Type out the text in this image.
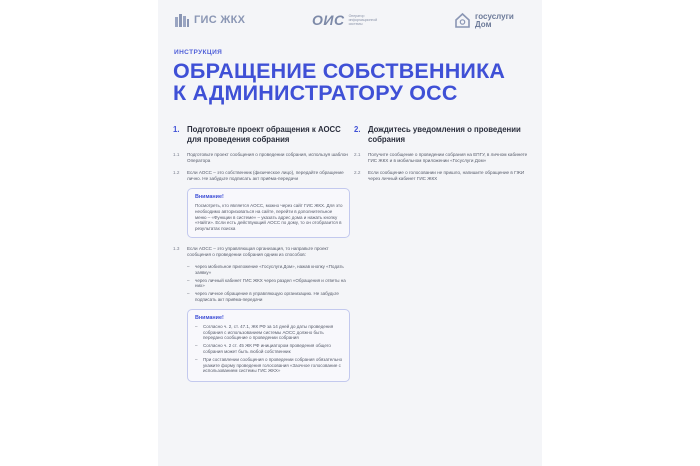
ГИС ЖКХ	ОИС Оператор информационной системы
госуслуги
Дом
ИНСТРУКЦИЯ
ОБРАЩЕНИЕ СОБСТВЕННИКА
К АДМИНИСТРАТОРУ ОСС
1. Подготовьте проект обращения к АОСС для проведения собрания
1.1	Подготовьте проект сообщения о проведении собрания, используя шаблон Оператора
1.2	Если АОСС – это собственник (физическое лицо), передайте обращение лично. Не забудьте подписать акт приёма-передачи
Внимание!
Посмотреть, кто является АОСС, можно через сайт ГИС ЖКХ. Для это необходимо авторизоваться на сайте, перейти в дополнительное меню – «Функции в системе» – указать адрес дома и нажать кнопку «Найти». Если есть действующий АОСС по дому, то он отобразится в результатах поиска
1.3	Если АОСС – это управляющая организация, то направьте проект сообщения о проведении собрания одним из способов:
–	через мобильное приложение «Госуслуги.Дом», нажав кнопку «Подать заявку»
–	через личный кабинет ГИС ЖКХ через раздел «Обращения и ответы на них»
–	через личное обращение в управляющую организацию. Не забудьте подписать акт приёма-передачи
Внимание!
–	Согласно ч. 2, ст. 47.1, ЖК РФ за 14 дней до даты проведения собрания с использованием системы АОСС должно быть передано сообщение о проведении собрания
–	Согласно ч. 2 ст. 45 ЖК РФ инициатором проведения общего собрания может быть любой собственник
–	При составлении сообщения о проведении собрания обязательно укажите форму проведения голосования «Заочное голосование с использованием системы ГИС ЖКХ»
2. Дождитесь уведомления о проведении собрания
2.1	Получите сообщение о проведении собрания на ЕПГУ, в личном кабинете ГИС ЖКХ и в мобильном приложении «Госуслуги Дом»
2.2	Если сообщение о голосовании не пришло, напишите обращение в ГЖИ через личный кабинет ГИС ЖКХ
